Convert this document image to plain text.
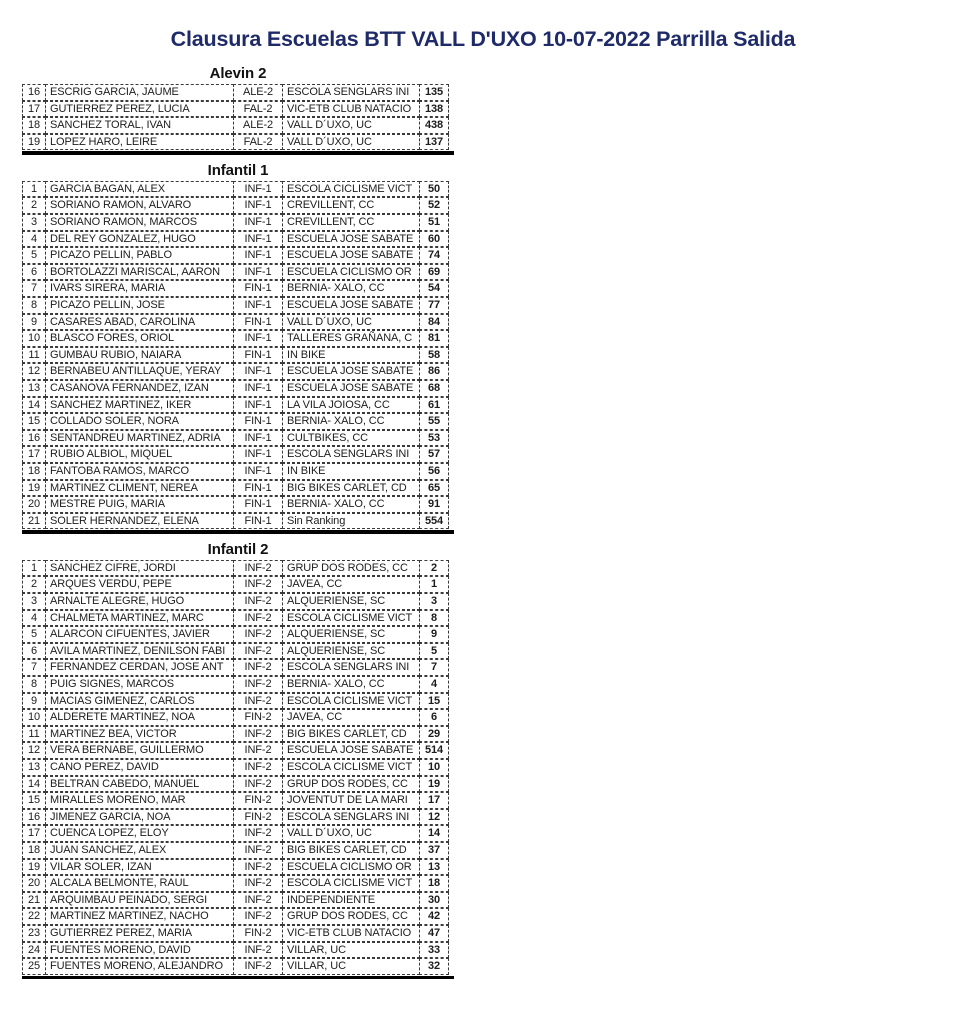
Clausura Escuelas BTT VALL D'UXO 10-07-2022 Parrilla Salida
Alevin 2
16 ESCRIG GARCIA, JAUME	ALE-2	ESCOLA SENGLARS INI	135
17 GUTIERREZ PEREZ, LUCIA	FAL-2	VIC-ETB CLUB NATACIO	138
18 SANCHEZ TORAL, IVAN	ALE-2	VALL D´UXO, UC	438
19 LOPEZ HARO, LEIRE	FAL-2	VALL D´UXO, UC	137
Infantil 1
1	GARCIA BAGAN, ALEX	INF-1	ESCOLA CICLISME VICT	50
2	SORIANO RAMON, ALVARO	INF-1	CREVILLENT, CC	52
3	SORIANO RAMON, MARCOS	INF-1	CREVILLENT, CC	51
4	DEL REY GONZALEZ, HUGO	INF-1	ESCUELA JOSE SABATE	60
5	PICAZO PELLIN, PABLO	INF-1	ESCUELA JOSE SABATE	74
6	BORTOLAZZI MARISCAL, AARON	INF-1	ESCUELA CICLISMO OR	69
7	IVARS SIRERA, MARIA	FIN-1	BERNIA- XALO, CC	54
8	PICAZO PELLIN, JOSE	INF-1	ESCUELA JOSE SABATE	77
9	CASARES ABAD, CAROLINA	FIN-1	VALL D´UXO, UC	84
10 BLASCO FORES, ORIOL	INF-1	TALLERES GRAÑANA, C	81
11 GUMBAU RUBIO, NAIARA	FIN-1	IN BIKE	58
12 BERNABEU ANTILLAQUE, YERAY	INF-1	ESCUELA JOSE SABATE	86
13 CASANOVA FERNANDEZ, IZAN	INF-1	ESCUELA JOSE SABATE	68
14 SANCHEZ MARTINEZ, IKER	INF-1	LA VILA JOIOSA, CC	61
15 COLLADO SOLER, NORA	FIN-1	BERNIA- XALO, CC	55
16 SENTANDREU MARTINEZ, ADRIA	INF-1	CULTBIKES, CC	53
17 RUBIO ALBIOL, MIQUEL	INF-1	ESCOLA SENGLARS INI	57
18 FANTOBA RAMOS, MARCO	INF-1	IN BIKE	56
19 MARTINEZ CLIMENT, NEREA	FIN-1	BIG BIKES CARLET, CD	65
20 MESTRE PUIG, MARIA	FIN-1	BERNIA- XALO, CC	91
21 SOLER HERNANDEZ, ELENA	FIN-1	Sin Ranking	554
Infantil 2
1	SANCHEZ CIFRE, JORDI	INF-2	GRUP DOS RODES, CC	2
2	ARQUES VERDU, PEPE	INF-2	JAVEA, CC	1
3	ARNALTE ALEGRE, HUGO	INF-2	ALQUERIENSE, SC	3
4	CHALMETA MARTINEZ, MARC	INF-2	ESCOLA CICLISME VICT	8
5	ALARCON CIFUENTES, JAVIER	INF-2	ALQUERIENSE, SC	9
6	AVILA MARTINEZ, DENILSON FABI	INF-2	ALQUERIENSE, SC	5
7	FERNANDEZ CERDAN, JOSE ANT	INF-2	ESCOLA SENGLARS INI	7
8	PUIG SIGNES, MARCOS	INF-2	BERNIA- XALO, CC	4
9	MACIAS GIMENEZ, CARLOS	INF-2	ESCOLA CICLISME VICT	15
10 ALDERETE MARTINEZ, NOA	FIN-2	JAVEA, CC	6
11 MARTINEZ BEA, VICTOR	INF-2	BIG BIKES CARLET, CD	29
12 VERA BERNABE, GUILLERMO	INF-2	ESCUELA JOSE SABATE	514
13 CANO PEREZ, DAVID	INF-2	ESCOLA CICLISME VICT	10
14 BELTRAN CABEDO, MANUEL	INF-2	GRUP DOS RODES, CC	19
15 MIRALLES MORENO, MAR	FIN-2	JOVENTUT DE LA MARI	17
16 JIMENEZ GARCIA, NOA	FIN-2	ESCOLA SENGLARS INI	12
17 CUENCA LOPEZ, ELOY	INF-2	VALL D´UXO, UC	14
18 JUAN SANCHEZ, ALEX	INF-2	BIG BIKES CARLET, CD	37
19 VILAR SOLER, IZAN	INF-2	ESCUELA CICLISMO OR	13
20 ALCALA BELMONTE, RAUL	INF-2	ESCOLA CICLISME VICT	18
21 ARQUIMBAU PEINADO, SERGI	INF-2	INDEPENDIENTE	30
22 MARTINEZ MARTINEZ, NACHO	INF-2	GRUP DOS RODES, CC	42
23 GUTIERREZ PEREZ, MARIA	FIN-2	VIC-ETB CLUB NATACIO	47
24 FUENTES MORENO, DAVID	INF-2	VILLAR, UC	33
25 FUENTES MORENO, ALEJANDRO	INF-2	VILLAR, UC	32
